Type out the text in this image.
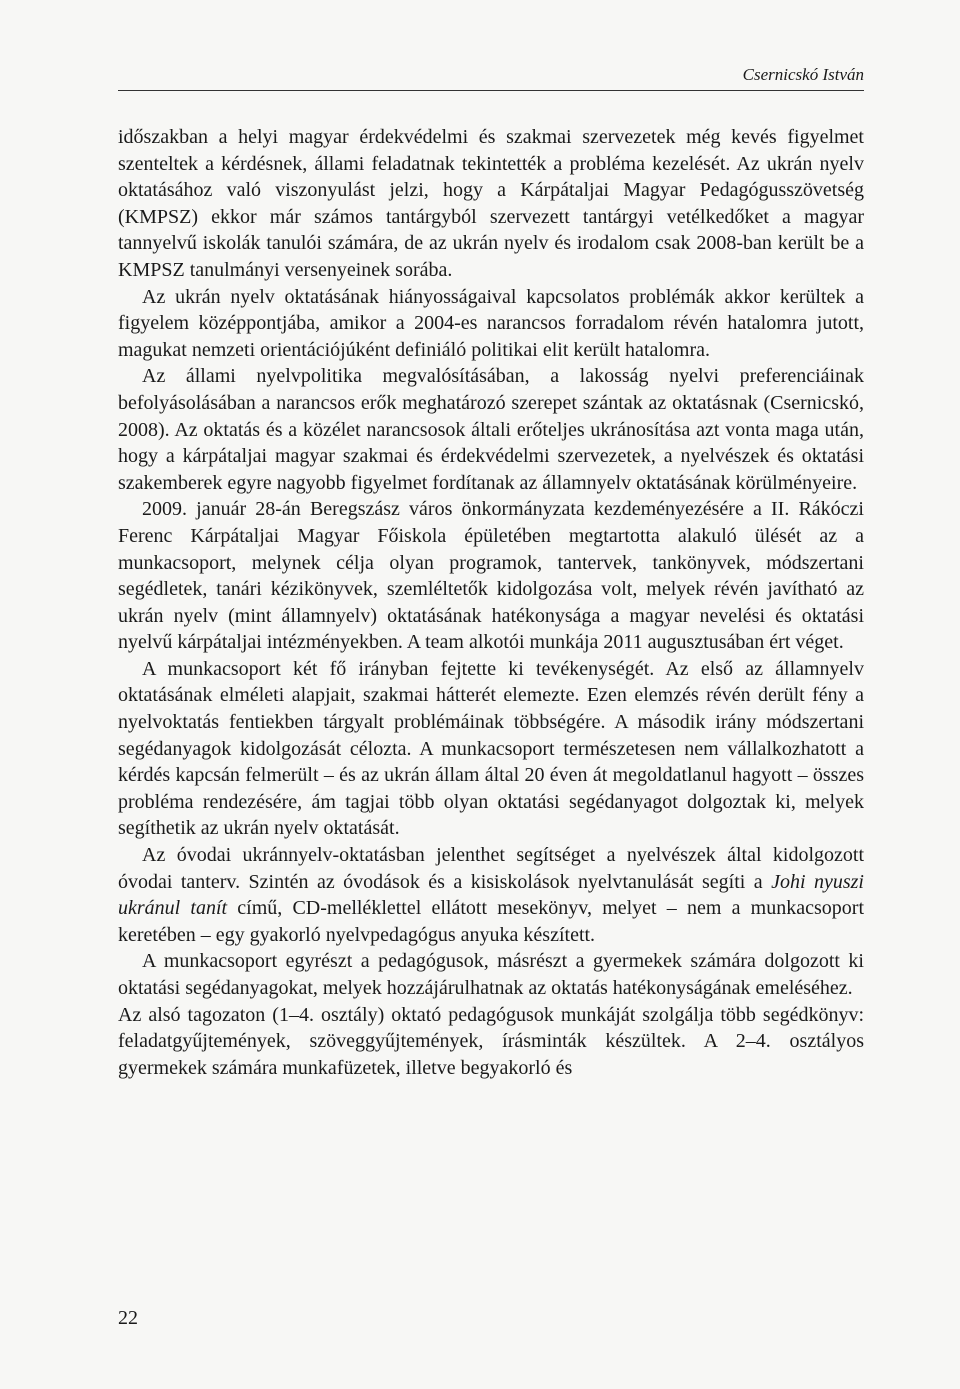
Csernicskó István

időszakban a helyi magyar érdekvédelmi és szakmai szervezetek még kevés figyelmet szenteltek a kérdésnek, állami feladatnak tekintették a probléma kezelését. Az ukrán nyelv oktatásához való viszonyulást jelzi, hogy a Kárpátaljai Magyar Pedagógusszövetség (KMPSZ) ekkor már számos tantárgyból szervezett tantárgyi vetélkedőket a magyar tannyelvű iskolák tanulói számára, de az ukrán nyelv és irodalom csak 2008-ban került be a KMPSZ tanulmányi versenyeinek sorába.

Az ukrán nyelv oktatásának hiányosságaival kapcsolatos problémák akkor kerültek a figyelem középpontjába, amikor a 2004-es narancsos forradalom révén hatalomra jutott, magukat nemzeti orientációjúként definiáló politikai elit került hatalomra.

Az állami nyelvpolitika megvalósításában, a lakosság nyelvi preferenciáinak befolyásolásában a narancsos erők meghatározó szerepet szántak az oktatásnak (Csernicskó, 2008). Az oktatás és a közélet narancsosok általi erőteljes ukránosítása azt vonta maga után, hogy a kárpátaljai magyar szakmai és érdekvédelmi szervezetek, a nyelvészek és oktatási szakemberek egyre nagyobb figyelmet fordítanak az államnyelv oktatásának körülményeire.

2009. január 28-án Beregszász város önkormányzata kezdeményezésére a II. Rákóczi Ferenc Kárpátaljai Magyar Főiskola épületében megtartotta alakuló ülését az a munkacsoport, melynek célja olyan programok, tantervek, tankönyvek, módszertani segédletek, tanári kézikönyvek, szemléltetők kidolgozása volt, melyek révén javítható az ukrán nyelv (mint államnyelv) oktatásának hatékonysága a magyar nevelési és oktatási nyelvű kárpátaljai intézményekben. A team alkotói munkája 2011 augusztusában ért véget.

A munkacsoport két fő irányban fejtette ki tevékenységét. Az első az államnyelv oktatásának elméleti alapjait, szakmai hátterét elemezte. Ezen elemzés révén derült fény a nyelvoktatás fentiekben tárgyalt problémáinak többségére. A második irány módszertani segédanyagok kidolgozását célozta. A munkacsoport természetesen nem vállalkozhatott a kérdés kapcsán felmerült – és az ukrán állam által 20 éven át megoldatlanul hagyott – összes probléma rendezésére, ám tagjai több olyan oktatási segédanyagot dolgoztak ki, melyek segíthetik az ukrán nyelv oktatását.

Az óvodai ukránnyelv-oktatásban jelenthet segítséget a nyelvészek által kidolgozott óvodai tanterv. Szintén az óvodások és a kisiskolások nyelvtanulását segíti a Johi nyuszi ukránul tanít című, CD-melléklettel ellátott mesekönyv, melyet – nem a munkacsoport keretében – egy gyakorló nyelvpedagógus anyuka készített.

A munkacsoport egyrészt a pedagógusok, másrészt a gyermekek számára dolgozott ki oktatási segédanyagokat, melyek hozzájárulhatnak az oktatás hatékonyságának emeléséhez.

Az alsó tagozaton (1–4. osztály) oktató pedagógusok munkáját szolgálja több segédkönyv: feladatgyűjtemények, szöveggyűjtemények, írásminták készültek. A 2–4. osztályos gyermekek számára munkafüzetek, illetve begyakorló és

22
